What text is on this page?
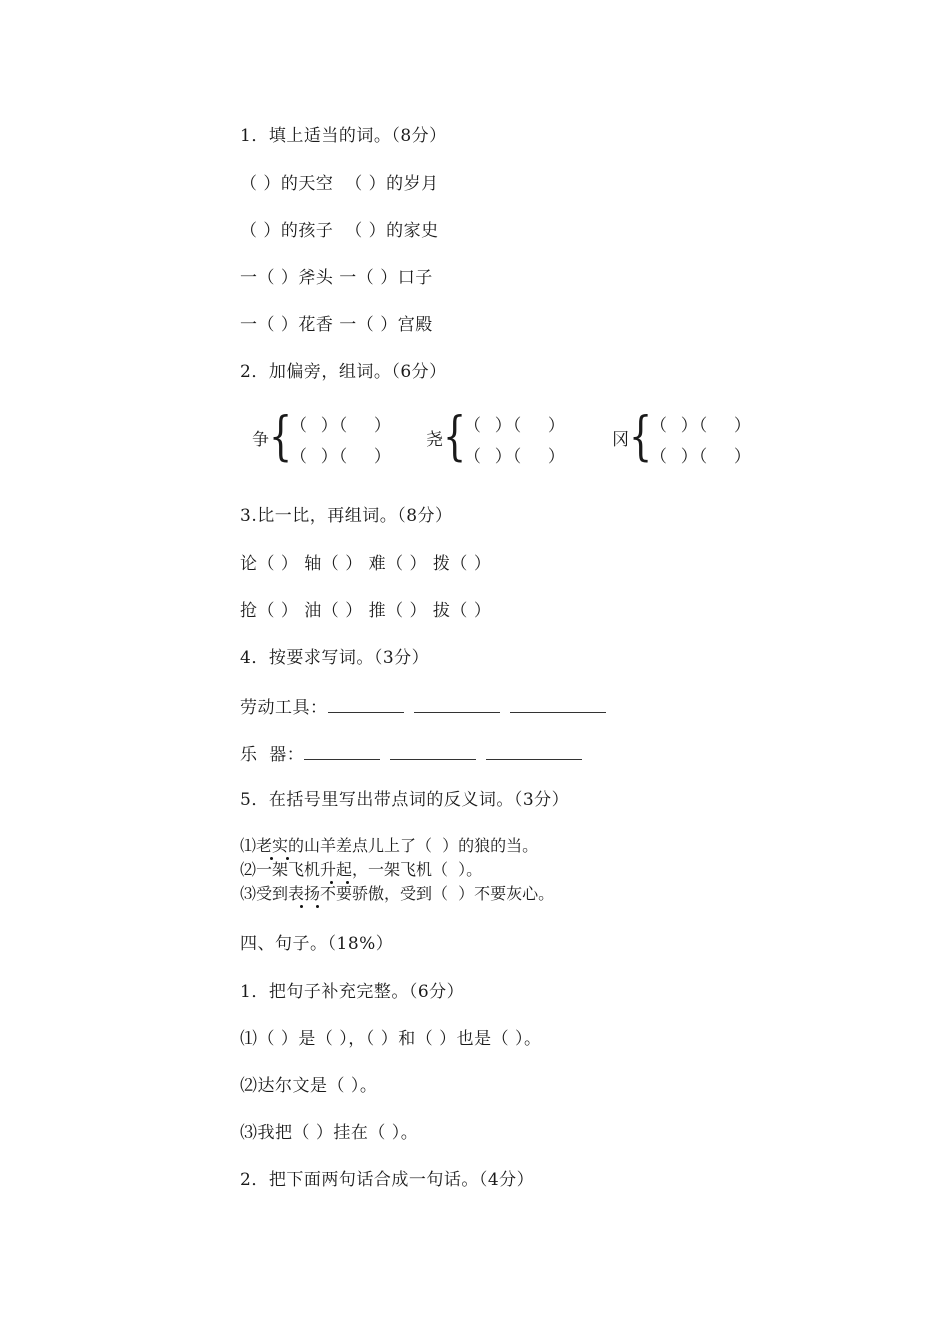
1．填上适当的词。（8分）
（ ）的天空  （ ）的岁月
（ ）的孩子  （ ）的家史
一（ ）斧头 一（ ）口子
一（ ）花香 一（ ）宫殿
2．加偏旁，组词。（6分）
争 {
（  ）（    ）
（  ）（    ）
尧 {
（  ）（    ）
（  ）（    ）
冈 {
（  ）（    ）
（  ）（    ）
3.比一比，再组词。（8分）
论（ ） 轴（ ） 难（ ） 拨（ ）
抢（ ） 油（ ） 推（ ） 拔（ ）
4．按要求写词。（3分）
劳动工具：
乐  器：
5．在括号里写出带点词的反义词。（3分）
⑴老实的山羊差点儿上了（  ）的狼的当。
⑵一架飞机升起，一架飞机（  ）。
⑶受到表扬不要骄傲，受到（  ）不要灰心。
四、句子。（18%）
1．把句子补充完整。（6分）
⑴（ ）是（ ），（ ）和（ ）也是（ ）。
⑵达尔文是（ ）。
⑶我把（ ）挂在（ ）。
2．把下面两句话合成一句话。（4分）
